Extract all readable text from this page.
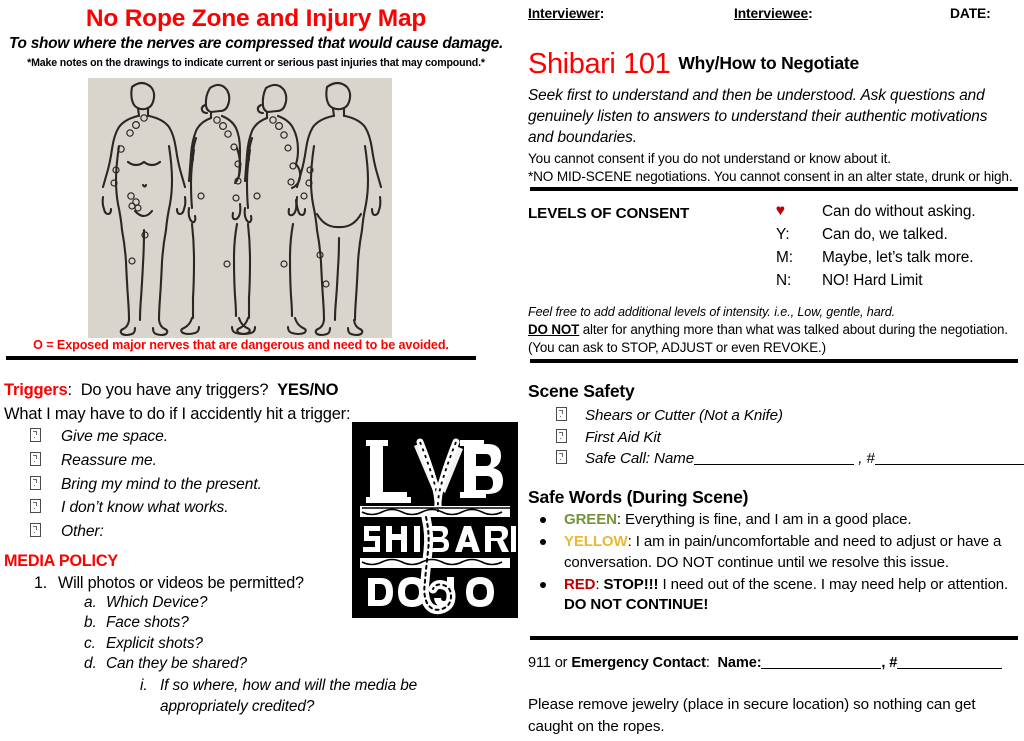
No Rope Zone and Injury Map
To show where the nerves are compressed that would cause damage.
*Make notes on the drawings to indicate current or serious past injuries that may compound.*
O = Exposed major nerves that are dangerous and need to be avoided.
Triggers: Do you have any triggers? YES/NO
What I may have to do if I accidently hit a trigger:
Give me space.
Reassure me.
Bring my mind to the present.
I don’t know what works.
Other:
MEDIA POLICY
1. Will photos or videos be permitted?
a. Which Device?
b. Face shots?
c. Explicit shots?
d. Can they be shared?
i. If so where, how and will the media be
appropriately credited?
Interviewer:	Interviewee:	DATE:
Shibari 101 Why/How to Negotiate
Seek first to understand and then be understood. Ask questions and genuinely listen to answers to understand their authentic motivations and boundaries.
You cannot consent if you do not understand or know about it.
*NO MID-SCENE negotiations. You cannot consent in an alter state, drunk or high.
LEVELS OF CONSENT	♥	Can do without asking.
Y:	Can do, we talked.
M:	Maybe, let’s talk more.
N:	NO! Hard Limit
Feel free to add additional levels of intensity. i.e., Low, gentle, hard.
DO NOT alter for anything more than what was talked about during the negotiation.
(You can ask to STOP, ADJUST or even REVOKE.)
Scene Safety
Shears or Cutter (Not a Knife)
First Aid Kit
Safe Call: Name	, #
Safe Words (During Scene)
GREEN: Everything is fine, and I am in a good place.
YELLOW: I am in pain/uncomfortable and need to adjust or have a conversation. DO NOT continue until we resolve this issue.
RED: STOP!!! I need out of the scene. I may need help or attention. DO NOT CONTINUE!
911 or Emergency Contact: Name:	, #
Please remove jewelry (place in secure location) so nothing can get caught on the ropes.
